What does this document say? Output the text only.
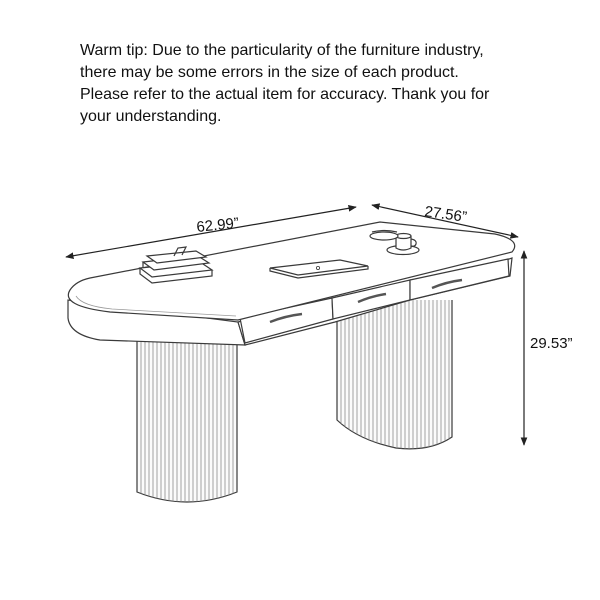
Warm tip: Due to the particularity of the furniture industry,
there may be some errors in the size of each product.
Please refer to the actual item for accuracy. Thank you for
your understanding.
62.99”	27.56”
29.53”
